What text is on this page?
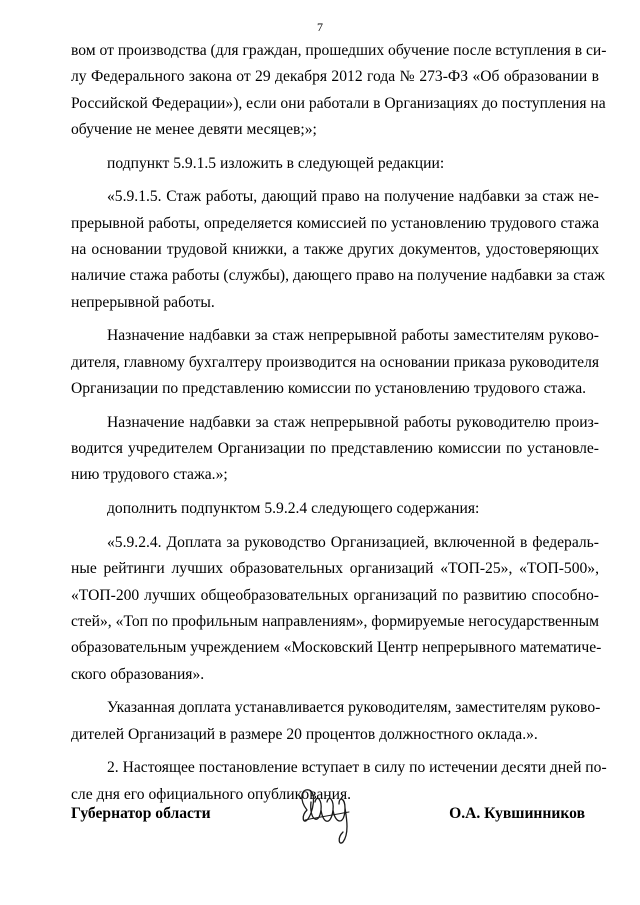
7
вом от производства (для граждан, прошедших обучение после вступления в си-
лу Федерального закона от 29 декабря 2012 года № 273-ФЗ «Об образовании в
Российской Федерации»), если они работали в Организациях до поступления на
обучение не менее девяти месяцев;»;
подпункт 5.9.1.5 изложить в следующей редакции:
«5.9.1.5. Стаж работы, дающий право на получение надбавки за стаж не-
прерывной работы, определяется комиссией по установлению трудового стажа
на основании трудовой книжки, а также других документов, удостоверяющих
наличие стажа работы (службы), дающего право на получение надбавки за стаж
непрерывной работы.
Назначение надбавки за стаж непрерывной работы заместителям руково-
дителя, главному бухгалтеру производится на основании приказа руководителя
Организации по представлению комиссии по установлению трудового стажа.
Назначение надбавки за стаж непрерывной работы руководителю произ-
водится учредителем Организации по представлению комиссии по установле-
нию трудового стажа.»;
дополнить подпунктом 5.9.2.4 следующего содержания:
«5.9.2.4. Доплата за руководство Организацией, включенной в федераль-
ные рейтинги лучших образовательных организаций «ТОП-25», «ТОП-500»,
«ТОП-200 лучших общеобразовательных организаций по развитию способно-
стей», «Топ по профильным направлениям», формируемые негосударственным
образовательным учреждением «Московский Центр непрерывного математиче-
ского образования».
Указанная доплата устанавливается руководителям, заместителям руково-
дителей Организаций в размере 20 процентов должностного оклада.».
2. Настоящее постановление вступает в силу по истечении десяти дней по-
сле дня его официального опубликования.
Губернатор области	О.А. Кувшинников
